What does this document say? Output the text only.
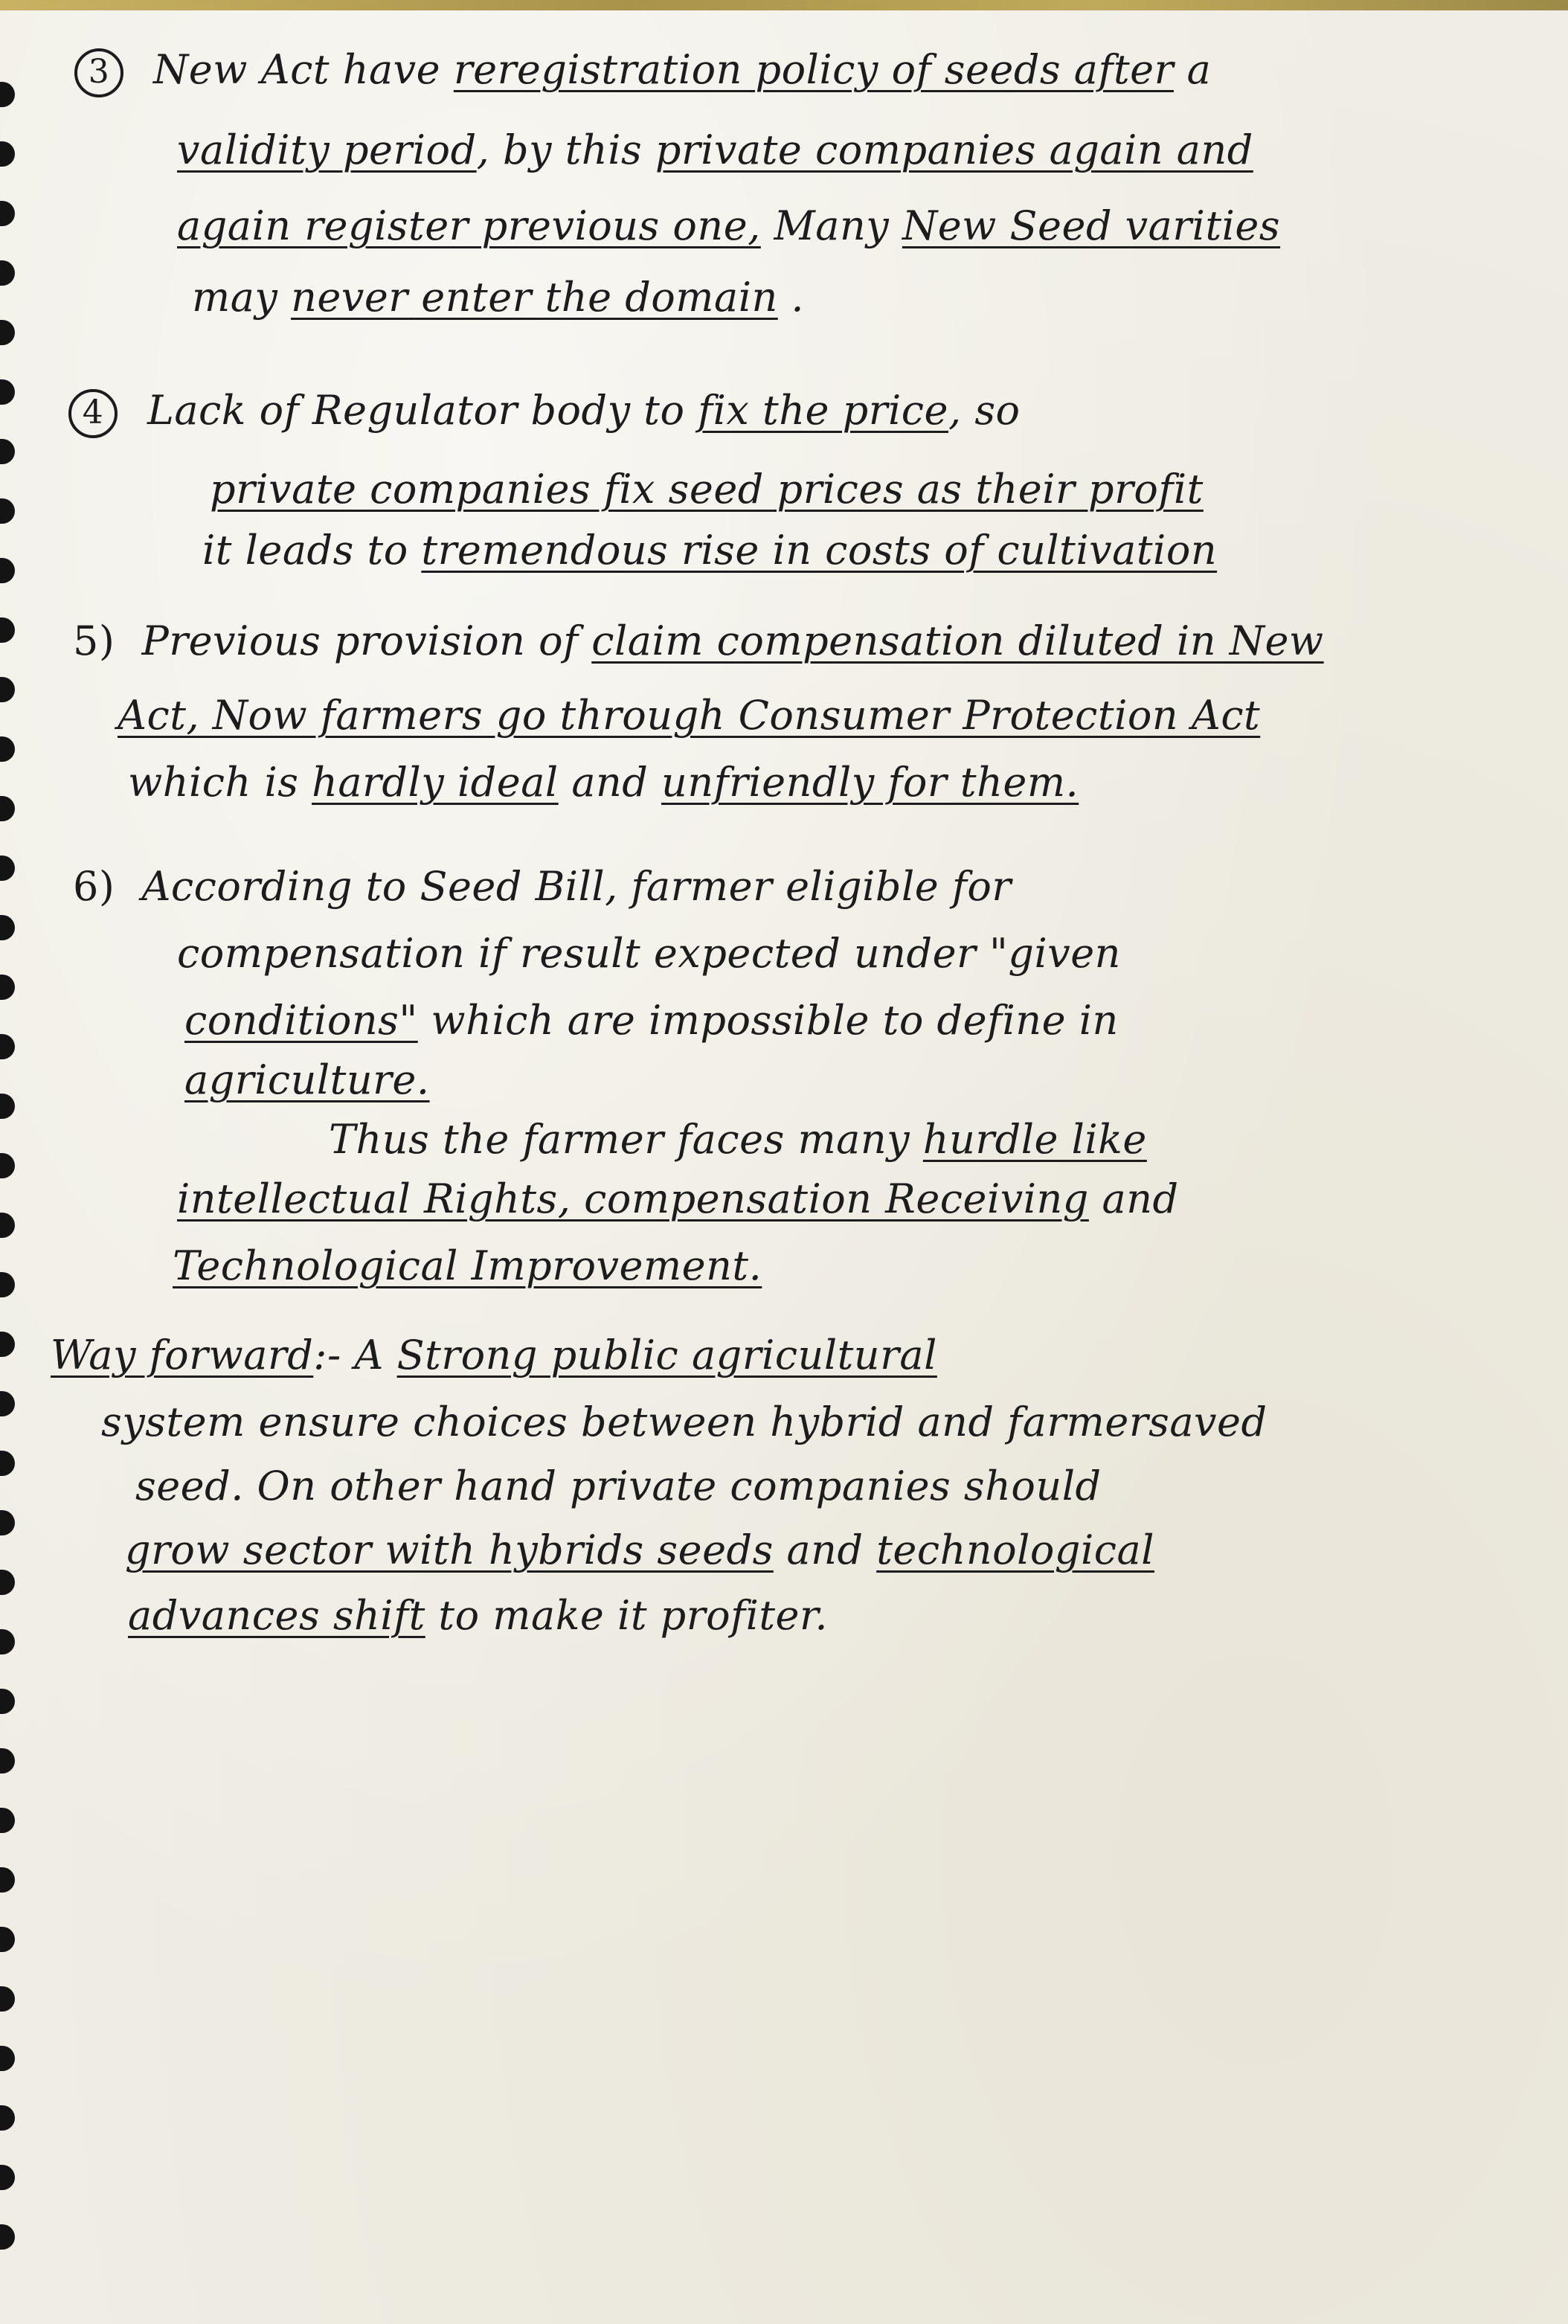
3 New Act have reregistration policy of seeds after a
validity period, by this private companies again and
again register previous one, Many New Seed varities
may never enter the domain .
4 Lack of Regulator body to fix the price, so
private companies fix seed prices as their profit
it leads to tremendous rise in costs of cultivation
5) Previous provision of claim compensation diluted in New
Act, Now farmers go through Consumer Protection Act
which is hardly ideal and unfriendly for them.
6) According to Seed Bill, farmer eligible for
compensation if result expected under "given
conditions" which are impossible to define in
agriculture.
Thus the farmer faces many hurdle like
intellectual Rights, compensation Receiving and
Technological Improvement.
Way forward:- A Strong public agricultural
system ensure choices between hybrid and farmersaved
seed. On other hand private companies should
grow sector with hybrids seeds and technological
advances shift to make it profiter.
